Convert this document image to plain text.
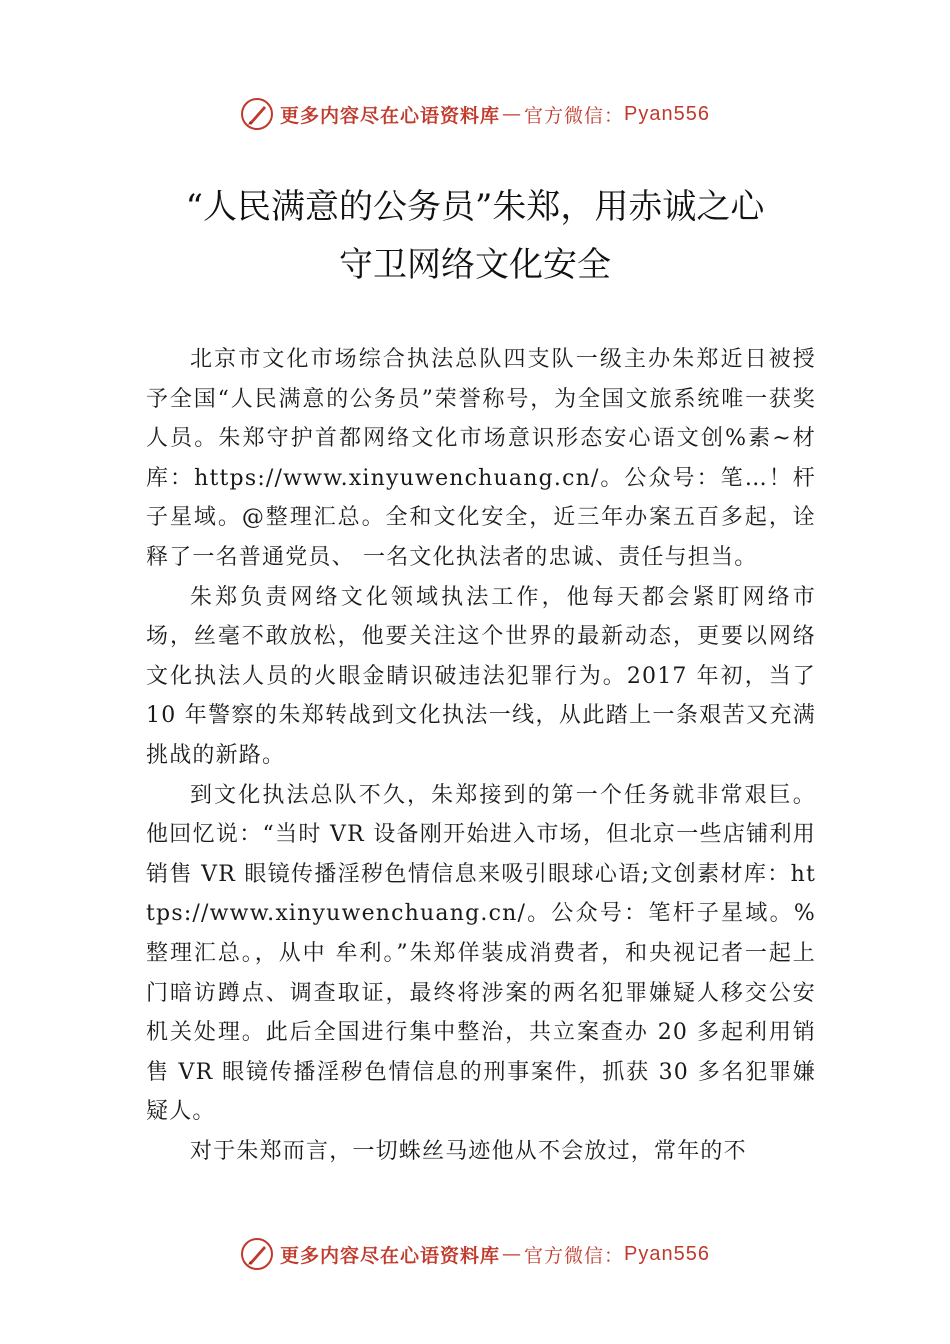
更多内容尽在心语资料库 — 官方微信： Pyan556
“人民满意的公务员”朱郑，用赤诚之心
守卫网络文化安全

北京市文化市场综合执法总队四支队一级主办朱郑近日被授予全国“人民满意的公务员”荣誉称号，为全国文旅系统唯一获奖人员。朱郑守护首都网络文化市场意识形态安心语文创%素~材库：https://www.xinyuwenchuang.cn/。公众号：笔…！杆子星域。@整理汇总。全和文化安全，近三年办案五百多起，诠释了一名普通党员、 一名文化执法者的忠诚、责任与担当。

朱郑负责网络文化领域执法工作，他每天都会紧盯网络市场，丝毫不敢放松，他要关注这个世界的最新动态，更要以网络文化执法人员的火眼金睛识破违法犯罪行为。2017 年初，当了 10 年警察的朱郑转战到文化执法一线，从此踏上一条艰苦又充满挑战的新路。

到文化执法总队不久，朱郑接到的第一个任务就非常艰巨。他回忆说：“当时 VR 设备刚开始进入市场，但北京一些店铺利用销售 VR 眼镜传播淫秽色情信息来吸引眼球心语;文创素材库：https://www.xinyuwenchuang.cn/。公众号：笔杆子星域。%整理汇总。，从中 牟利。”朱郑佯装成消费者，和央视记者一起上门暗访蹲点、调查取证，最终将涉案的两名犯罪嫌疑人移交公安机关处理。此后全国进行集中整治，共立案查办 20 多起利用销售 VR 眼镜传播淫秽色情信息的刑事案件，抓获 30 多名犯罪嫌疑人。

对于朱郑而言，一切蛛丝马迹他从不会放过，常年的不

更多内容尽在心语资料库 — 官方微信： Pyan556
